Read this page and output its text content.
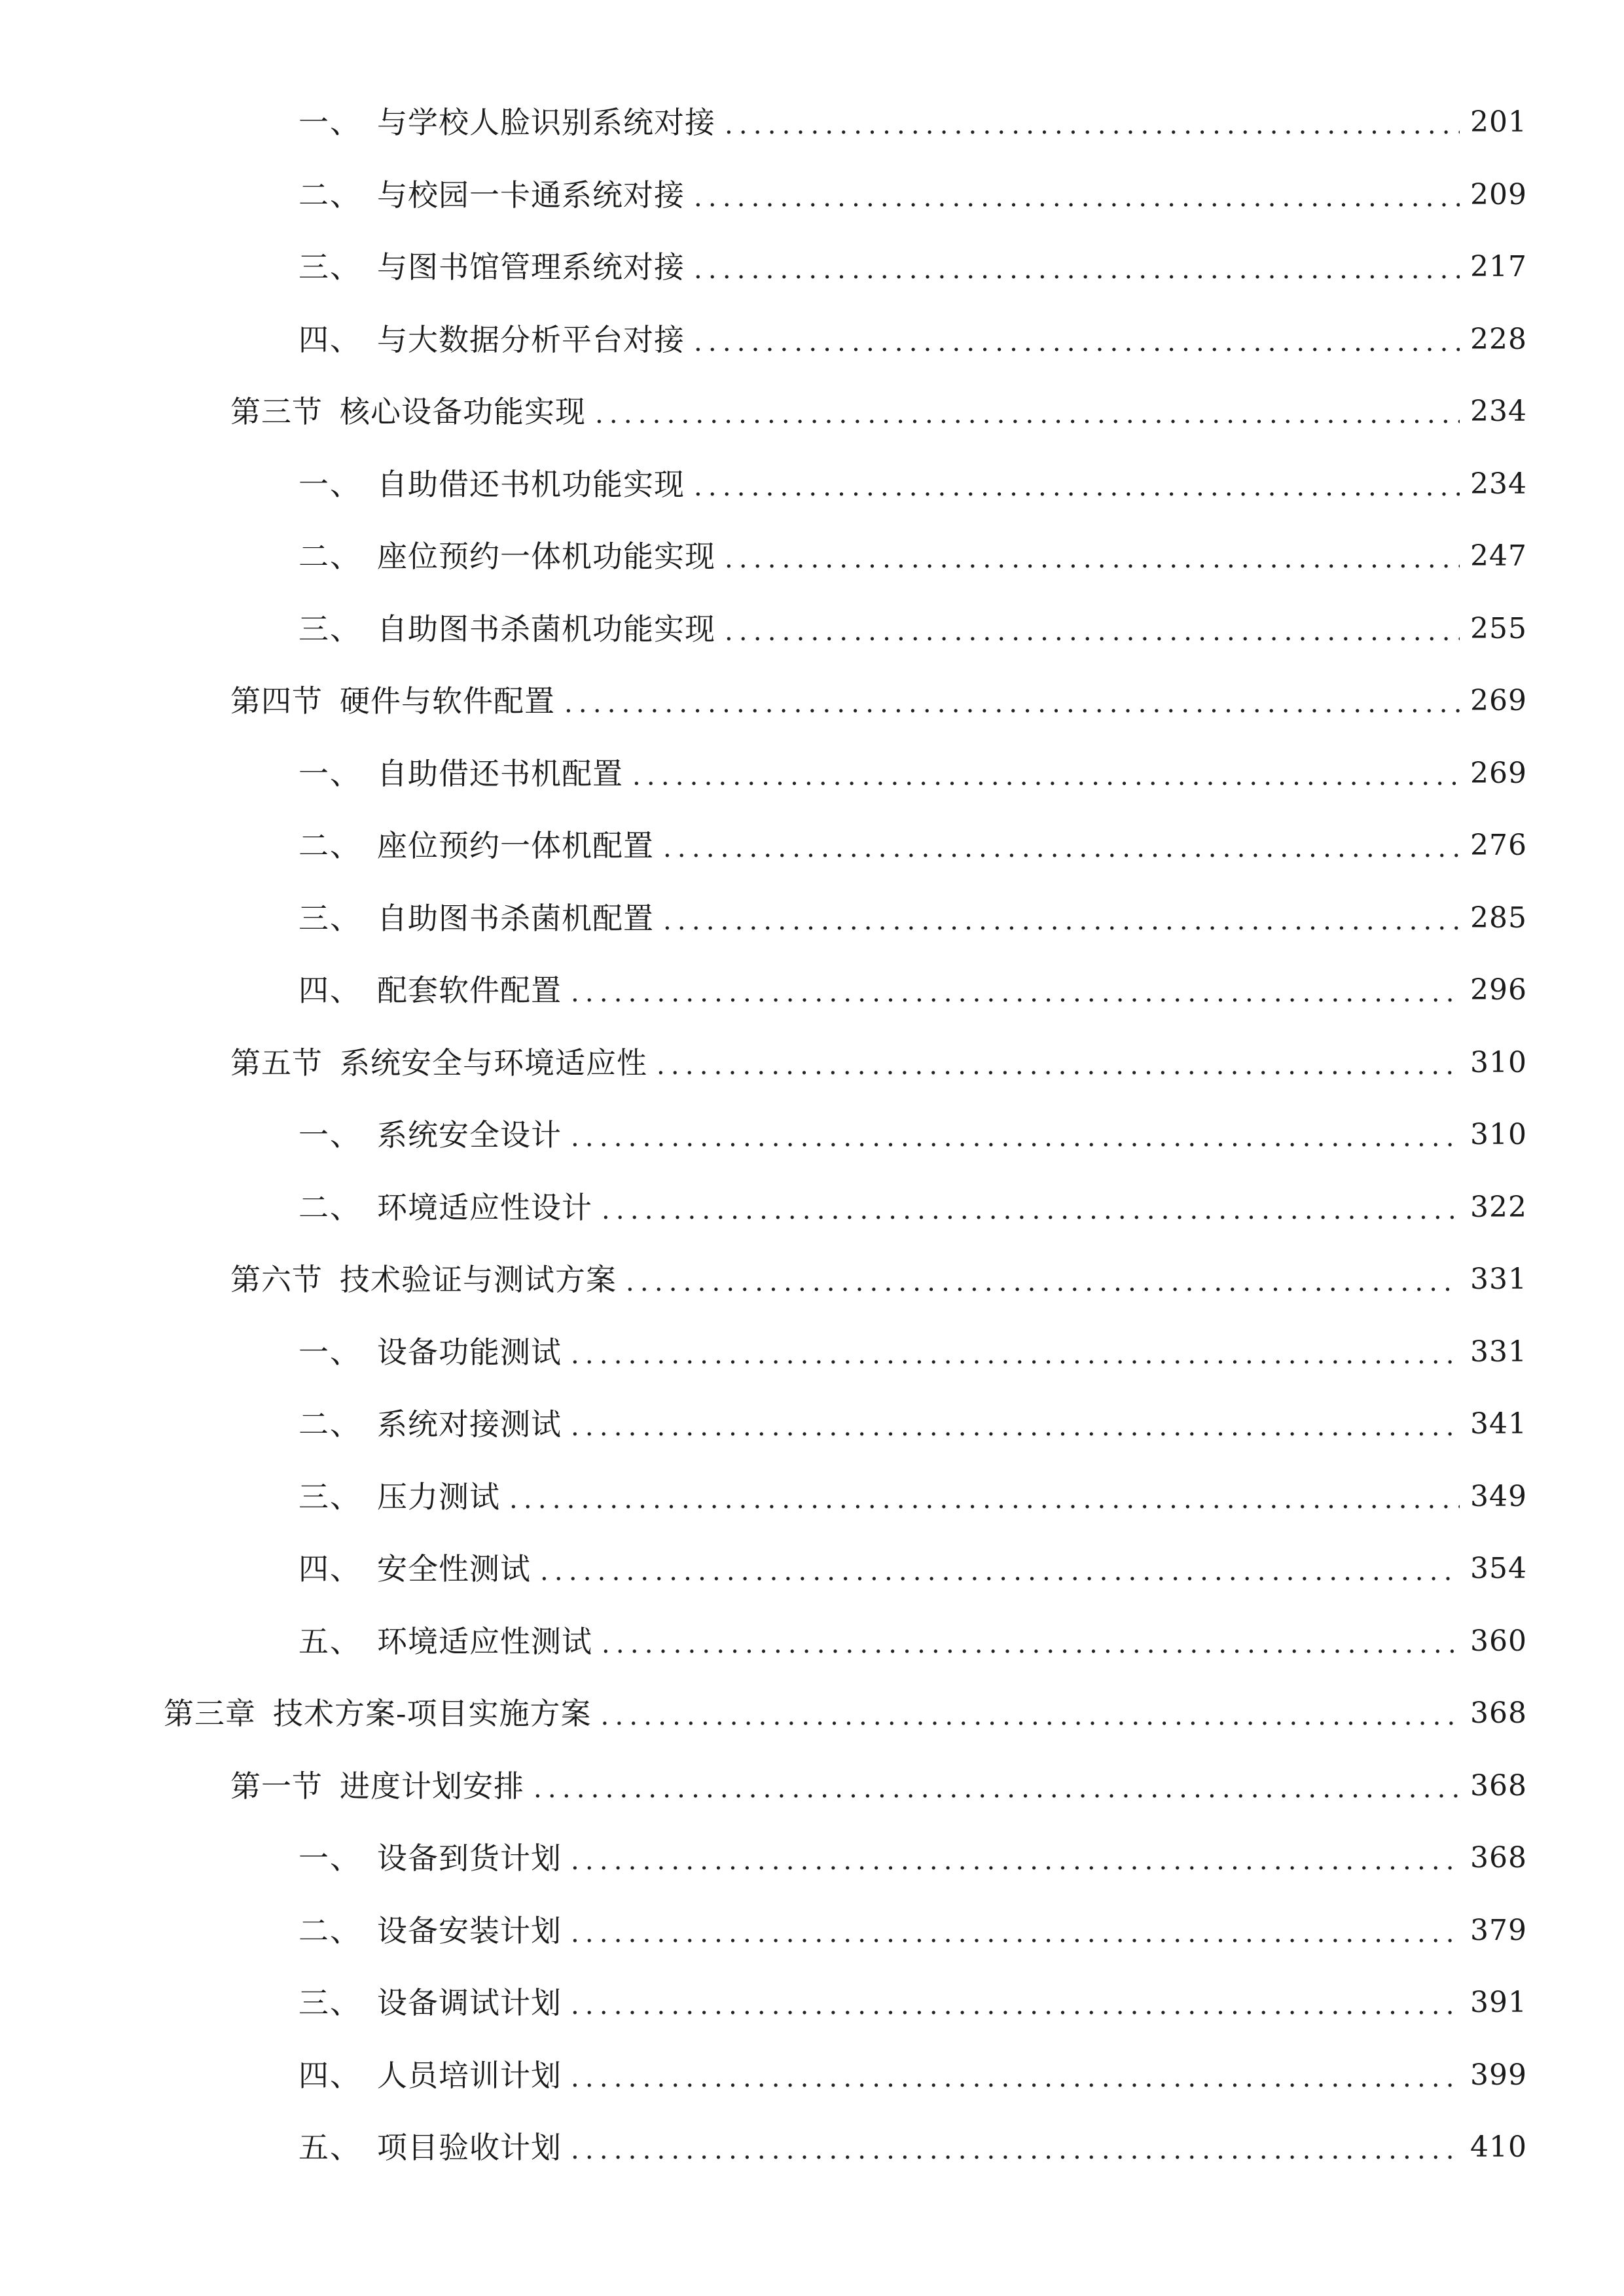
一、 与学校人脸识别系统对接 .....	201
二、 与校园一卡通系统对接 .....	209
三、 与图书馆管理系统对接 .....	217
四、 与大数据分析平台对接 .....	228
第三节 核心设备功能实现 .....	234
一、 自助借还书机功能实现 .....	234
二、 座位预约一体机功能实现 .....	247
三、 自助图书杀菌机功能实现 .....	255
第四节 硬件与软件配置 .....	269
一、 自助借还书机配置 .....	269
二、 座位预约一体机配置 .....	276
三、 自助图书杀菌机配置 .....	285
四、 配套软件配置 .....	296
第五节 系统安全与环境适应性 .....	310
一、 系统安全设计 .....	310
二、 环境适应性设计 .....	322
第六节 技术验证与测试方案 .....	331
一、 设备功能测试 .....	331
二、 系统对接测试 .....	341
三、 压力测试 .....	349
四、 安全性测试 .....	354
五、 环境适应性测试 .....	360
第三章 技术方案-项目实施方案 .....	368
第一节 进度计划安排 .....	368
一、 设备到货计划 .....	368
二、 设备安装计划 .....	379
三、 设备调试计划 .....	391
四、 人员培训计划 .....	399
五、 项目验收计划 .....	410
